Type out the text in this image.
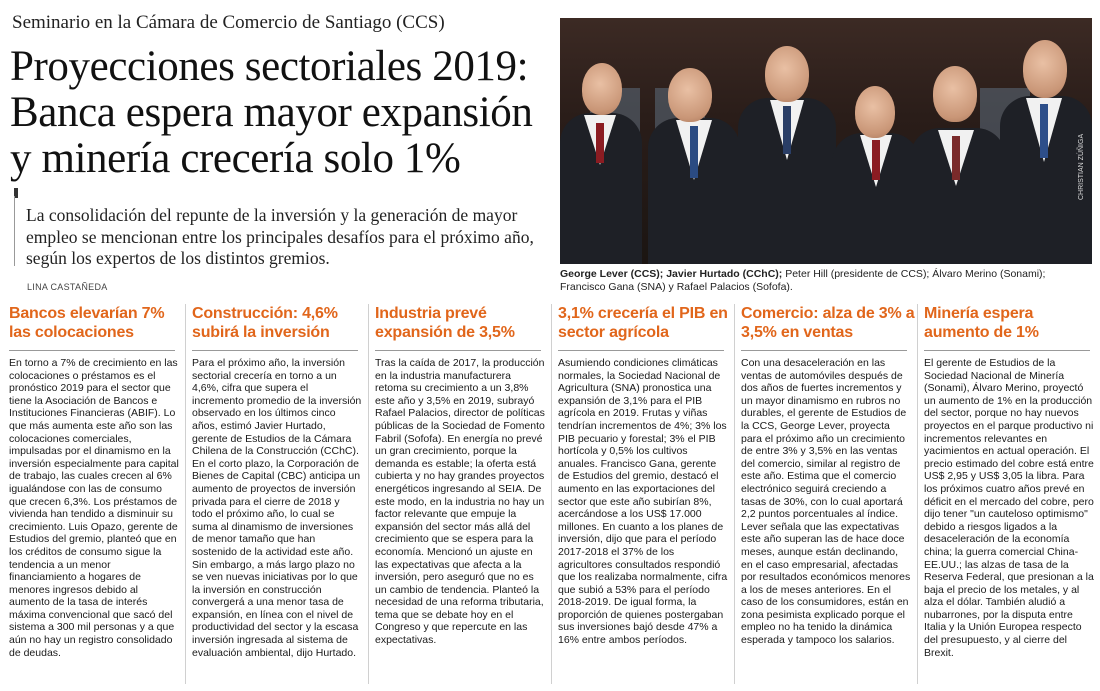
Seminario en la Cámara de Comercio de Santiago (CCS)
Proyecciones sectoriales 2019:
Banca espera mayor expansión
y minería crecería solo 1%
La consolidación del repunte de la inversión y la generación de mayor empleo se mencionan entre los principales desafíos para el próximo año, según los expertos de los distintos gremios.
LINA CASTAÑEDA
CHRISTIAN ZÚÑIGA
George Lever (CCS); Javier Hurtado (CChC); Peter Hill (presidente de CCS); Álvaro Merino (Sonami); Francisco Gana (SNA) y Rafael Palacios (Sofofa).
Bancos elevarían 7% las colocaciones

En torno a 7% de crecimiento en las colocaciones o préstamos es el pronóstico 2019 para el sector que tiene la Asociación de Bancos e Instituciones Financieras (ABIF). Lo que más aumenta este año son las colocaciones comerciales, impulsadas por el dinamismo en la inversión especialmente para capital de trabajo, las cuales crecen al 6% igualándose con las de consumo que crecen 6,3%. Los préstamos de vivienda han tendido a disminuir su crecimiento. Luis Opazo, gerente de Estudios del gremio, planteó que en los créditos de consumo sigue la tendencia a un menor financiamiento a hogares de menores ingresos debido al aumento de la tasa de interés máxima convencional que sacó del sistema a 300 mil personas y a que aún no hay un registro consolidado de deudas.

Construcción: 4,6% subirá la inversión

Para el próximo año, la inversión sectorial crecería en torno a un 4,6%, cifra que supera el incremento promedio de la inversión observado en los últimos cinco años, estimó Javier Hurtado, gerente de Estudios de la Cámara Chilena de la Construcción (CChC). En el corto plazo, la Corporación de Bienes de Capital (CBC) anticipa un aumento de proyectos de inversión privada para el cierre de 2018 y todo el próximo año, lo cual se suma al dinamismo de inversiones de menor tamaño que han sostenido de la actividad este año. Sin embargo, a más largo plazo no se ven nuevas iniciativas por lo que la inversión en construcción convergerá a una menor tasa de expansión, en línea con el nivel de productividad del sector y la escasa inversión ingresada al sistema de evaluación ambiental, dijo Hurtado.

Industria prevé expansión de 3,5%

Tras la caída de 2017, la producción en la industria manufacturera retoma su crecimiento a un 3,8% este año y 3,5% en 2019, subrayó Rafael Palacios, director de políticas públicas de la Sociedad de Fomento Fabril (Sofofa). En energía no prevé un gran crecimiento, porque la demanda es estable; la oferta está cubierta y no hay grandes proyectos energéticos ingresando al SEIA. De este modo, en la industria no hay un factor relevante que empuje la expansión del sector más allá del crecimiento que se espera para la economía. Mencionó un ajuste en las expectativas que afecta a la inversión, pero aseguró que no es un cambio de tendencia. Planteó la necesidad de una reforma tributaria, tema que se debate hoy en el Congreso y que repercute en las expectativas.

3,1% crecería el PIB en sector agrícola

Asumiendo condiciones climáticas normales, la Sociedad Nacional de Agricultura (SNA) pronostica una expansión de 3,1% para el PIB agrícola en 2019. Frutas y viñas tendrían incrementos de 4%; 3% los PIB pecuario y forestal; 3% el PIB hortícola y 0,5% los cultivos anuales. Francisco Gana, gerente de Estudios del gremio, destacó el aumento en las exportaciones del sector que este año subirían 8%, acercándose a los US$ 17.000 millones. En cuanto a los planes de inversión, dijo que para el período 2017-2018 el 37% de los agricultores consultados respondió que los realizaba normalmente, cifra que subió a 53% para el período 2018-2019. De igual forma, la proporción de quienes postergaban sus inversiones bajó desde 47% a 16% entre ambos períodos.

Comercio: alza de 3% a 3,5% en ventas

Con una desaceleración en las ventas de automóviles después de dos años de fuertes incrementos y un mayor dinamismo en rubros no durables, el gerente de Estudios de la CCS, George Lever, proyecta para el próximo año un crecimiento de entre 3% y 3,5% en las ventas del comercio, similar al registro de este año. Estima que el comercio electrónico seguirá creciendo a tasas de 30%, con lo cual aportará 2,2 puntos porcentuales al índice. Lever señala que las expectativas este año superan las de hace doce meses, aunque están declinando, en el caso empresarial, afectadas por resultados económicos menores a los de meses anteriores. En el caso de los consumidores, están en zona pesimista explicado porque el empleo no ha tenido la dinámica esperada y tampoco los salarios.

Minería espera aumento de 1%

El gerente de Estudios de la Sociedad Nacional de Minería (Sonami), Álvaro Merino, proyectó un aumento de 1% en la producción del sector, porque no hay nuevos proyectos en el parque productivo ni incrementos relevantes en yacimientos en actual operación. El precio estimado del cobre está entre US$ 2,95 y US$ 3,05 la libra. Para los próximos cuatro años prevé en déficit en el mercado del cobre, pero dijo tener "un cauteloso optimismo" debido a riesgos ligados a la desaceleración de la economía china; la guerra comercial China-EE.UU.; las alzas de tasa de la Reserva Federal, que presionan a la baja el precio de los metales, y al alza el dólar. También aludió a nubarrones, por la disputa entre Italia y la Unión Europea respecto del presupuesto, y al cierre del Brexit.
